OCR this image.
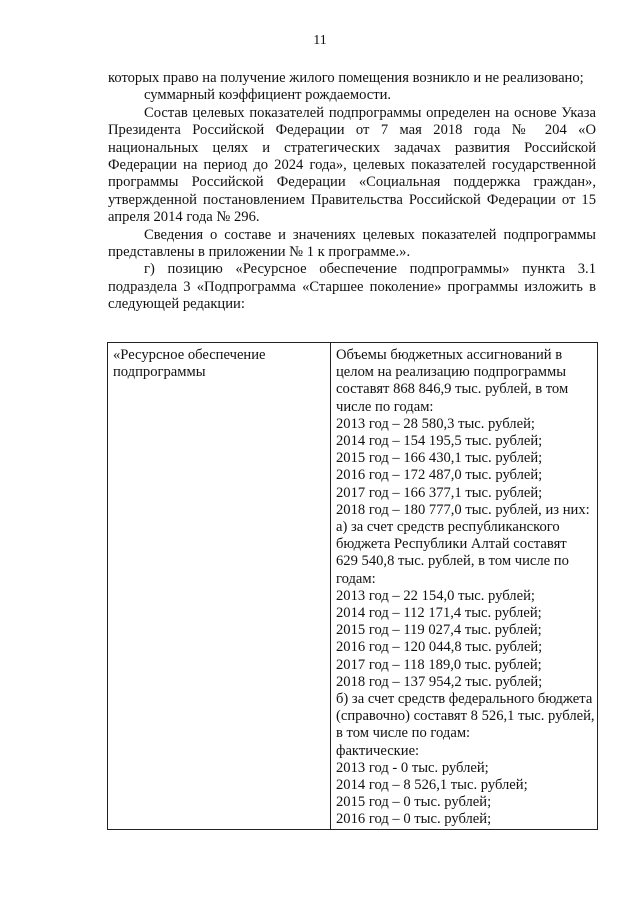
11

которых право на получение жилого помещения возникло и не реализовано;

суммарный коэффициент рождаемости.

Состав целевых показателей подпрограммы определен на основе Указа Президента Российской Федерации от 7 мая 2018 года № 204 «О национальных целях и стратегических задачах развития Российской Федерации на период до 2024 года», целевых показателей государственной программы Российской Федерации «Социальная поддержка граждан», утвержденной постановлением Правительства Российской Федерации от 15 апреля 2014 года № 296.

Сведения о составе и значениях целевых показателей подпрограммы представлены в приложении № 1 к программе.».

г) позицию «Ресурсное обеспечение подпрограммы» пункта 3.1 подраздела 3 «Подпрограмма «Старшее поколение» программы изложить в следующей редакции:

«Ресурсное обеспечение
подпрограммы

Объемы бюджетных ассигнований в
целом на реализацию подпрограммы
составят 868 846,9 тыс. рублей, в том
числе по годам:
2013 год – 28 580,3 тыс. рублей;
2014 год – 154 195,5 тыс. рублей;
2015 год – 166 430,1 тыс. рублей;
2016 год – 172 487,0 тыс. рублей;
2017 год – 166 377,1 тыс. рублей;
2018 год – 180 777,0 тыс. рублей, из них:
а) за счет средств республиканского
бюджета Республики Алтай составят
629 540,8 тыс. рублей, в том числе по
годам:
2013 год – 22 154,0 тыс. рублей;
2014 год – 112 171,4 тыс. рублей;
2015 год – 119 027,4 тыс. рублей;
2016 год – 120 044,8 тыс. рублей;
2017 год – 118 189,0 тыс. рублей;
2018 год – 137 954,2 тыс. рублей;
б) за счет средств федерального бюджета
(справочно) составят 8 526,1 тыс. рублей,
в том числе по годам:
фактические:
2013 год - 0 тыс. рублей;
2014 год – 8 526,1 тыс. рублей;
2015 год – 0 тыс. рублей;
2016 год – 0 тыс. рублей;
